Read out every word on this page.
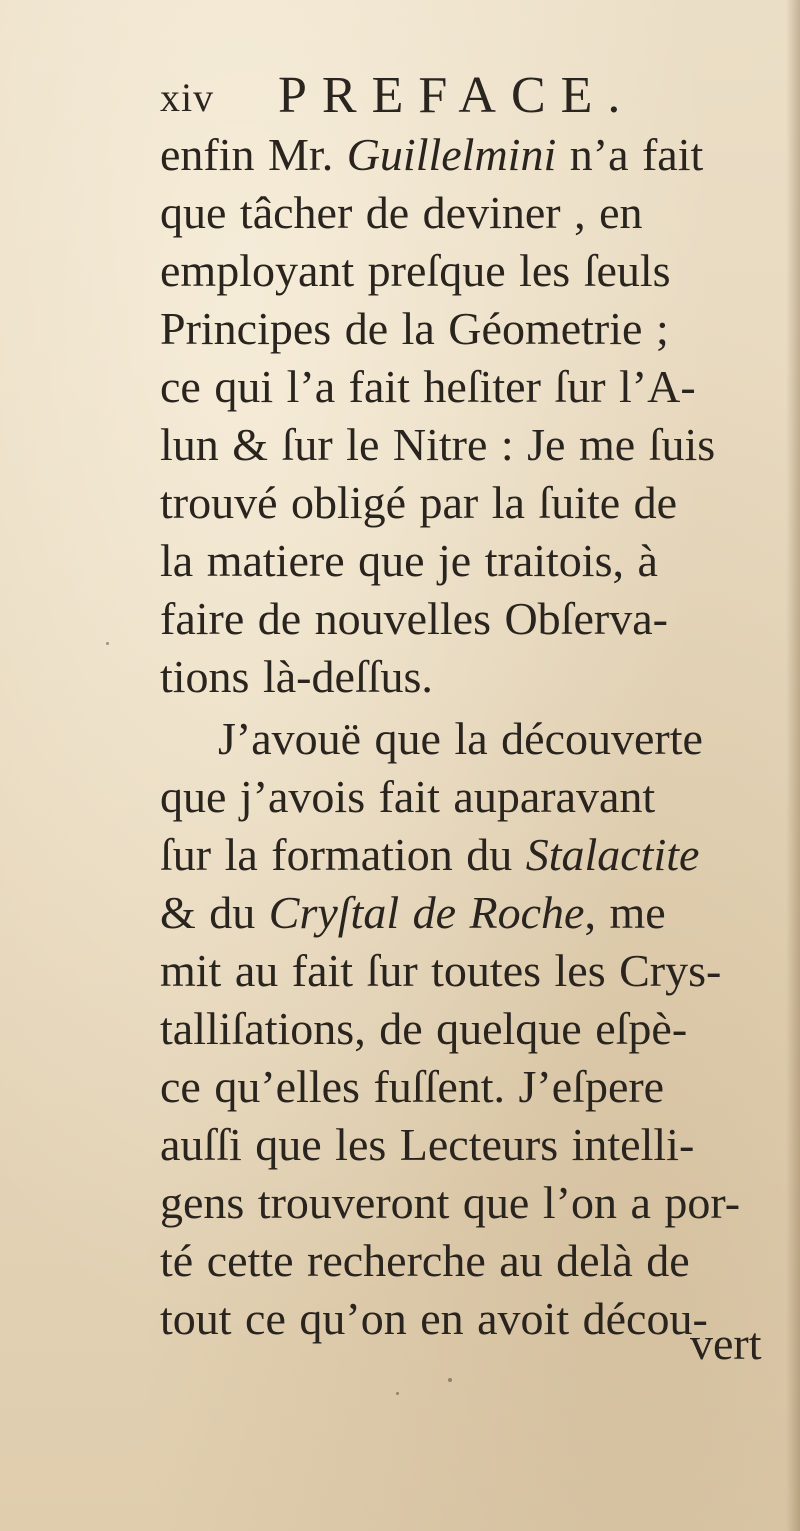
xiv PREFACE.
enfin Mr. Guillelmini n’a fait
que tâcher de deviner , en
employant preſque les ſeuls
Principes de la Géometrie ;
ce qui l’a fait heſiter ſur l’A-
lun & ſur le Nitre : Je me ſuis
trouvé obligé par la ſuite de
la matiere que je traitois, à
faire de nouvelles Obſerva-
tions là-deſſus.
J’avouë que la découverte
que j’avois fait auparavant
ſur la formation du Stalactite
& du Cryſtal de Roche, me
mit au fait ſur toutes les Crys-
talliſations, de quelque eſpè-
ce qu’elles fuſſent. J’eſpere
auſſi que les Lecteurs intelli-
gens trouveront que l’on a por-
té cette recherche au delà de
tout ce qu’on en avoit décou-
vert
